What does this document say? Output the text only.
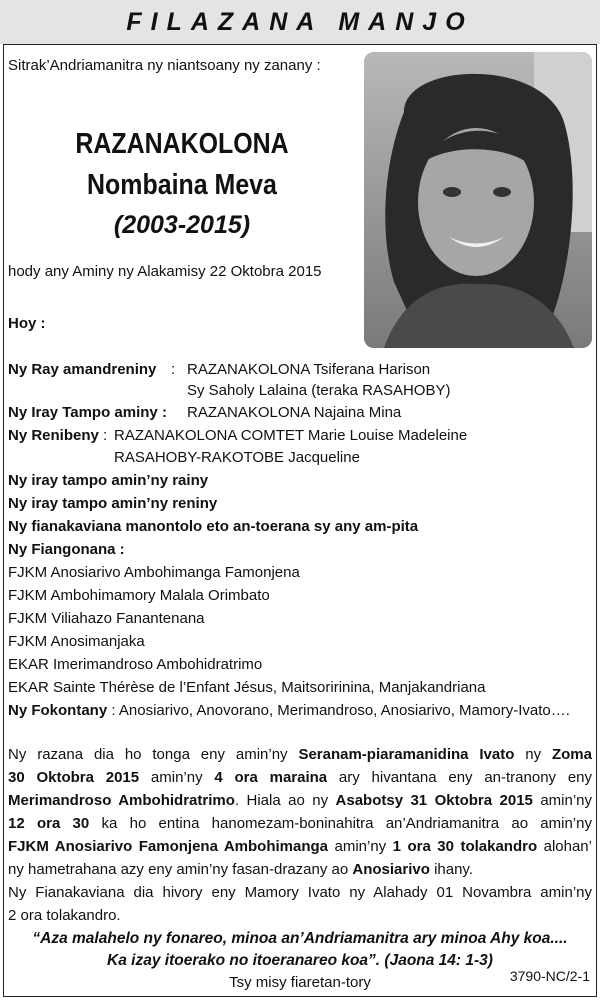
FILAZANA MANJO
Sitrak’Andriamanitra ny niantsoany ny zanany :
RAZANAKOLONA
Nombaina Meva
(2003-2015)
hody any Aminy ny Alakamisy 22 Oktobra 2015
Hoy :
Ny Ray amandreniny : RAZANAKOLONA Tsiferana Harison
Sy Saholy Lalaina (teraka RASAHOBY)
Ny Iray Tampo aminy : RAZANAKOLONA Najaina Mina
Ny Renibeny : RAZANAKOLONA COMTET Marie Louise Madeleine
RASAHOBY-RAKOTOBE Jacqueline
Ny iray tampo amin’ny rainy
Ny iray tampo amin’ny reniny
Ny fianakaviana manontolo eto an-toerana sy any am-pita
Ny Fiangonana :
FJKM Anosiarivo Ambohimanga Famonjena
FJKM Ambohimamory Malala Orimbato
FJKM Viliahazo Fanantenana
FJKM Anosimanjaka
EKAR Imerimandroso Ambohidratrimo
EKAR Sainte Thérèse de l’Enfant Jésus, Maitsoririnina, Manjakandriana
Ny Fokontany : Anosiarivo, Anovorano, Merimandroso, Anosiarivo, Mamory-Ivato….
Ny razana dia ho tonga eny amin’ny Seranam-piaramanidina Ivato ny Zoma
30 Oktobra 2015 amin’ny 4 ora maraina ary hivantana eny an-tranony eny
Merimandroso Ambohidratrimo. Hiala ao ny Asabotsy 31 Oktobra 2015 amin’ny
12 ora 30 ka ho entina hanomezam-boninahitra an’Andriamanitra ao amin’ny
FJKM Anosiarivo Famonjena Ambohimanga amin’ny 1 ora 30 tolakandro alohan’
ny hametrahana azy eny amin’ny fasan-drazany ao Anosiarivo ihany.
Ny Fianakaviana dia hivory eny Mamory Ivato ny Alahady 01 Novambra amin’ny
2 ora tolakandro.
“Aza malahelo ny fonareo, minoa an’Andriamanitra ary minoa Ahy koa....
Ka izay itoerako no itoeranareo koa”. (Jaona 14: 1-3)
Tsy misy fiaretan-tory	3790-NC/2-1
